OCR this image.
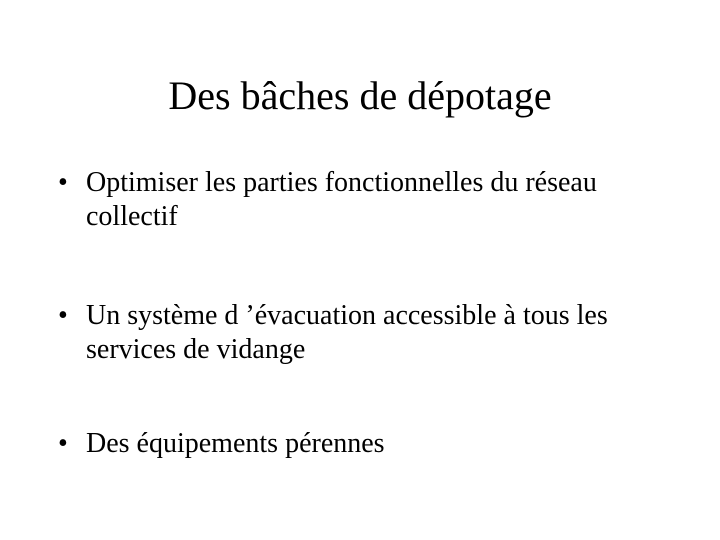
Des bâches de dépotage
• Optimiser les parties fonctionnelles du réseau collectif
• Un système d ’évacuation accessible à tous les services de vidange
• Des équipements pérennes
